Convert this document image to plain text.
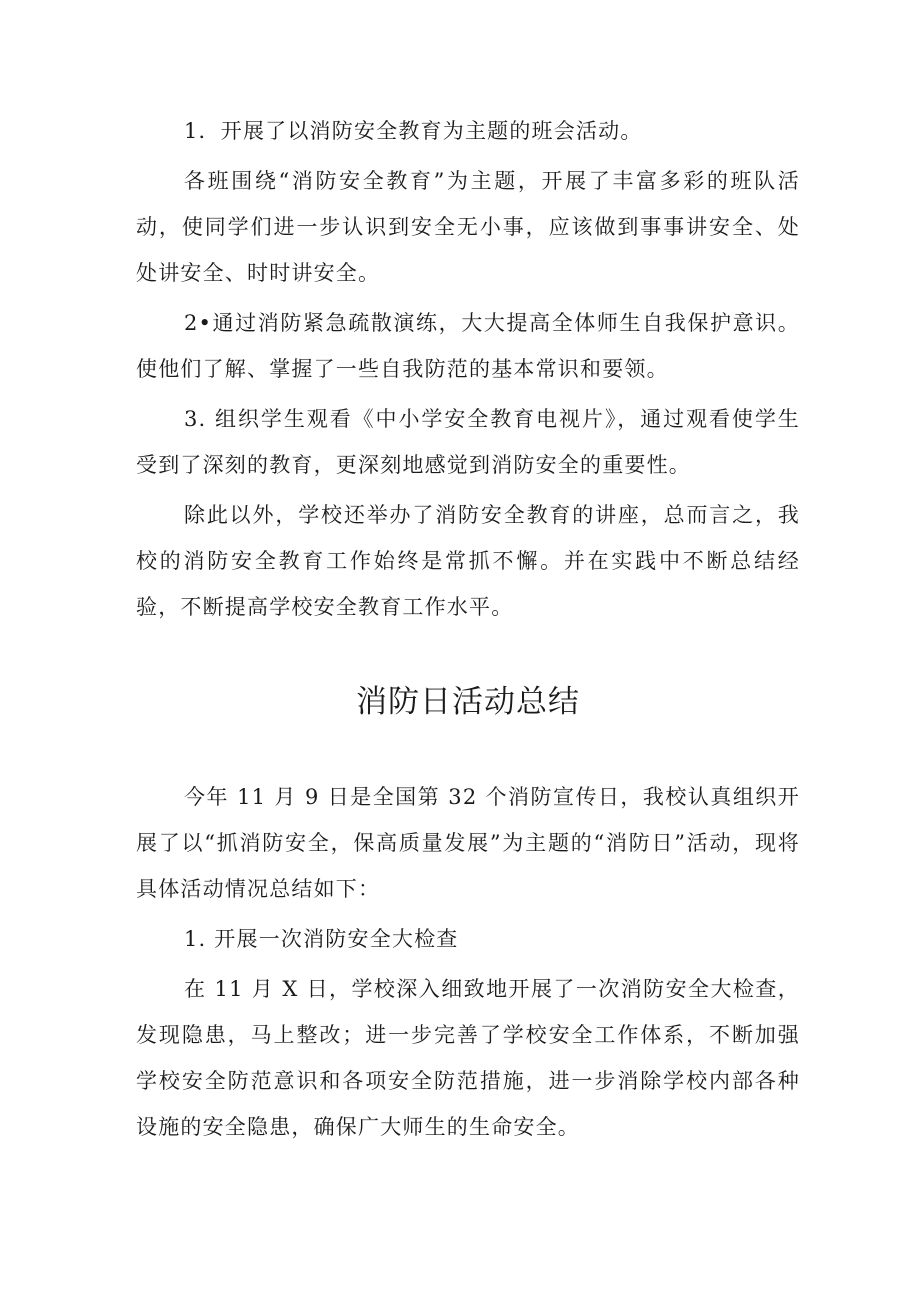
1．开展了以消防安全教育为主题的班会活动。

各班围绕“消防安全教育”为主题，开展了丰富多彩的班队活动，使同学们进一步认识到安全无小事，应该做到事事讲安全、处处讲安全、时时讲安全。

2•通过消防紧急疏散演练，大大提高全体师生自我保护意识。使他们了解、掌握了一些自我防范的基本常识和要领。

3. 组织学生观看《中小学安全教育电视片》，通过观看使学生受到了深刻的教育，更深刻地感觉到消防安全的重要性。

除此以外，学校还举办了消防安全教育的讲座，总而言之，我校的消防安全教育工作始终是常抓不懈。并在实践中不断总结经验，不断提高学校安全教育工作水平。

消防日活动总结

今年 11 月 9 日是全国第 32 个消防宣传日，我校认真组织开展了以“抓消防安全，保高质量发展”为主题的“消防日”活动，现将具体活动情况总结如下：

1. 开展一次消防安全大检查

在 11 月 X 日，学校深入细致地开展了一次消防安全大检查，发现隐患，马上整改；进一步完善了学校安全工作体系，不断加强学校安全防范意识和各项安全防范措施，进一步消除学校内部各种设施的安全隐患，确保广大师生的生命安全。
